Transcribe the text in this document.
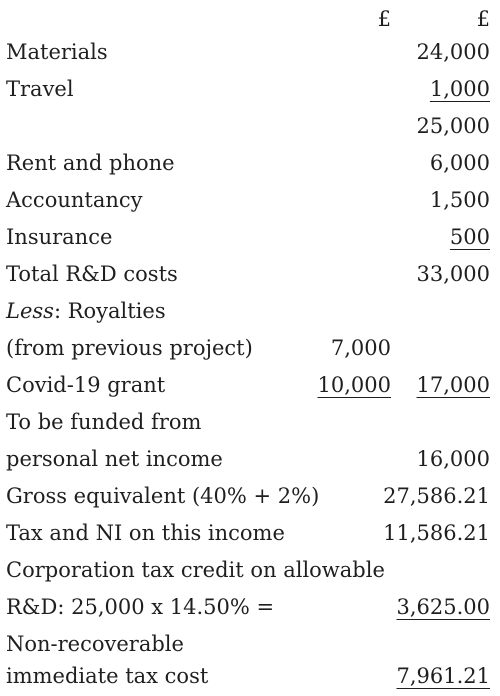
£	£
Materials	24,000
Travel	1,000
25,000
Rent and phone	6,000
Accountancy	1,500
Insurance	500
Total R&D costs	33,000
Less: Royalties
(from previous project)	7,000
Covid-19 grant	10,000 17,000
To be funded from
personal net income	16,000
Gross equivalent (40% + 2%)	27,586.21
Tax and NI on this income	11,586.21
Corporation tax credit on allowable
R&D: 25,000 x 14.50% =	3,625.00
Non-recoverable
immediate tax cost	7,961.21
